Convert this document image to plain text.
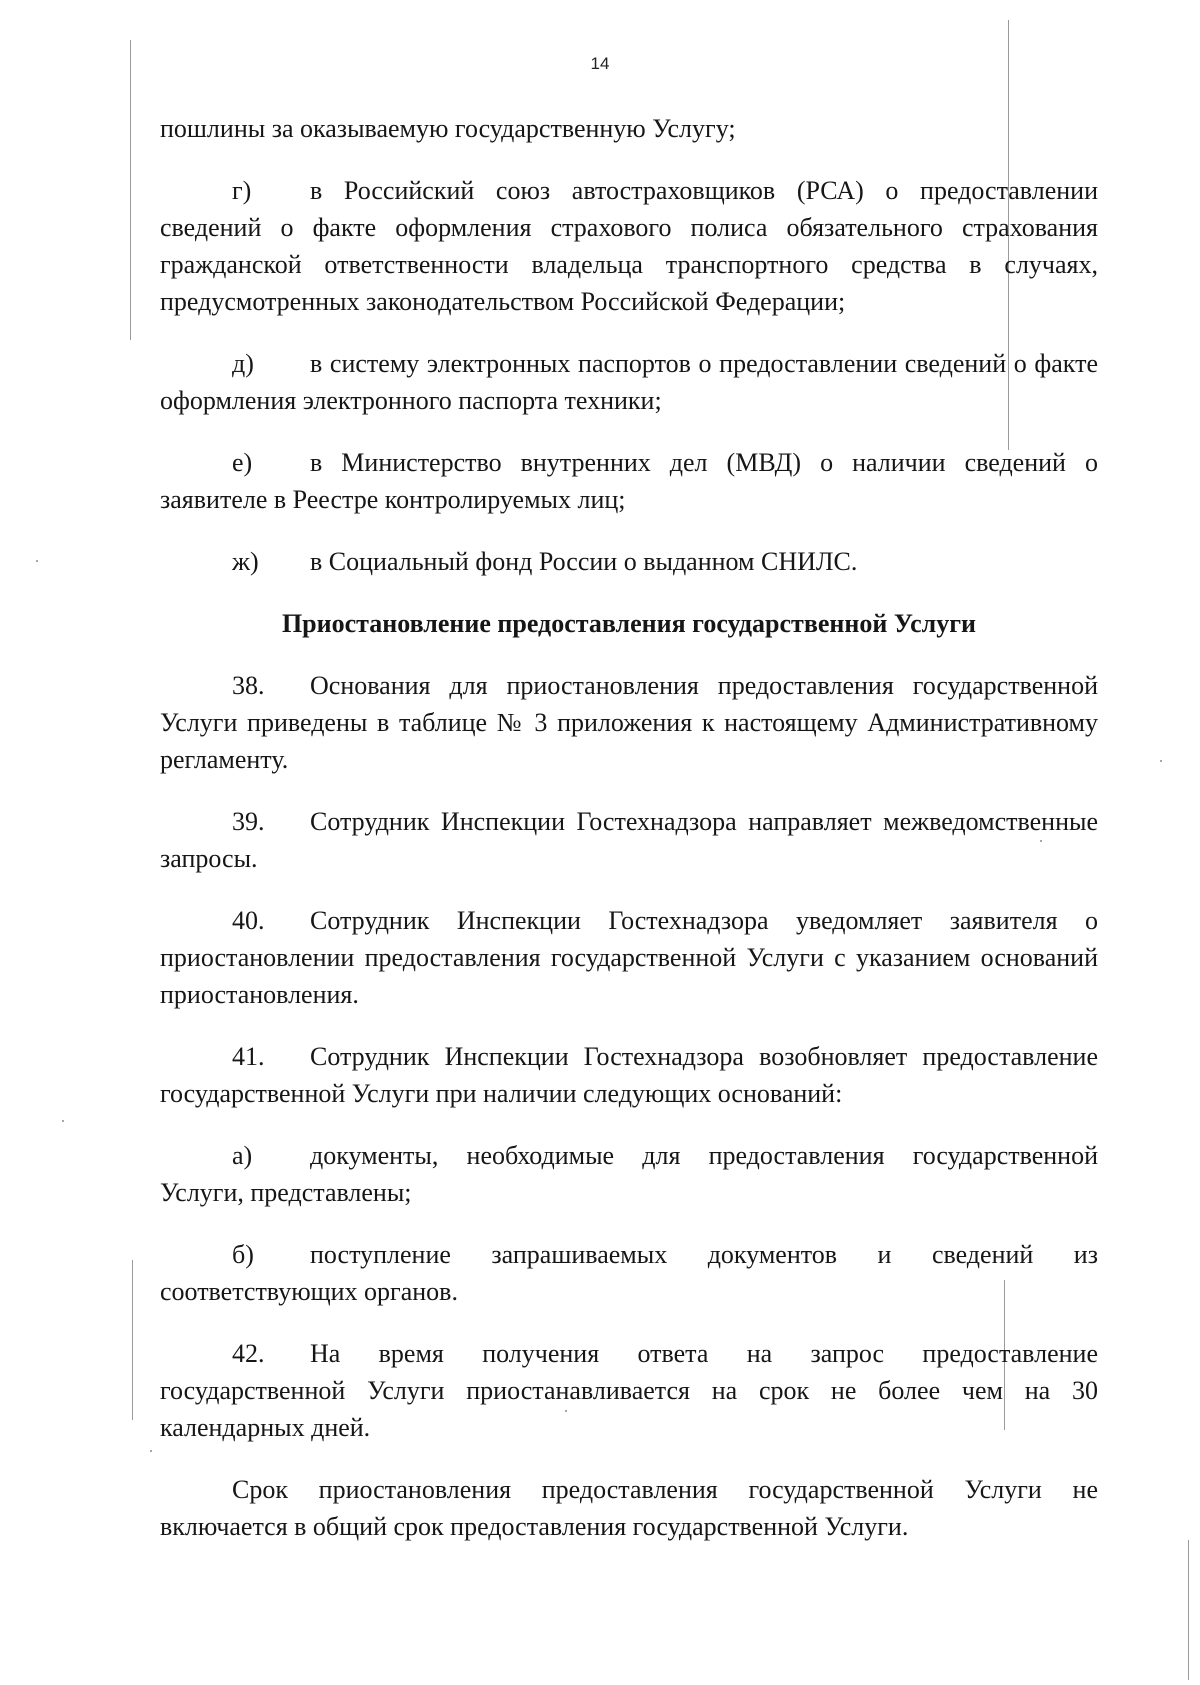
14

пошлины за оказываемую государственную Услугу;

г) в Российский союз автостраховщиков (РСА) о предоставлении сведений о факте оформления страхового полиса обязательного страхования гражданской ответственности владельца транспортного средства в случаях, предусмотренных законодательством Российской Федерации;

д) в систему электронных паспортов о предоставлении сведений о факте оформления электронного паспорта техники;

е) в Министерство внутренних дел (МВД) о наличии сведений о заявителе в Реестре контролируемых лиц;

ж) в Социальный фонд России о выданном СНИЛС.

Приостановление предоставления государственной Услуги

38. Основания для приостановления предоставления государственной Услуги приведены в таблице № 3 приложения к настоящему Административному регламенту.

39. Сотрудник Инспекции Гостехнадзора направляет межведомственные запросы.

40. Сотрудник Инспекции Гостехнадзора уведомляет заявителя о приостановлении предоставления государственной Услуги с указанием оснований приостановления.

41. Сотрудник Инспекции Гостехнадзора возобновляет предоставление государственной Услуги при наличии следующих оснований:

а) документы, необходимые для предоставления государственной Услуги, представлены;

б) поступление запрашиваемых документов и сведений из соответствующих органов.

42. На время получения ответа на запрос предоставление государственной Услуги приостанавливается на срок не более чем на 30 календарных дней.

Срок приостановления предоставления государственной Услуги не включается в общий срок предоставления государственной Услуги.
